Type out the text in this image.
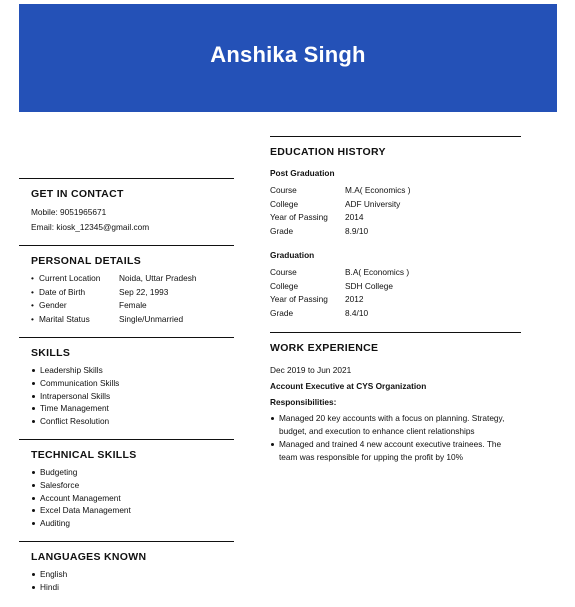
Anshika Singh
GET IN CONTACT
Mobile: 9051965671
Email: kiosk_12345@gmail.com
PERSONAL DETAILS
• Current Location	Noida, Uttar Pradesh
• Date of Birth	Sep 22, 1993
• Gender	Female
• Marital Status	Single/Unmarried
SKILLS
Leadership Skills
Communication Skills
Intrapersonal Skills
Time Management
Conflict Resolution
TECHNICAL SKILLS
Budgeting
Salesforce
Account Management
Excel Data Management
Auditing
LANGUAGES KNOWN
English
Hindi
EDUCATION HISTORY
Post Graduation
Course	M.A( Economics )
College	ADF University
Year of Passing	2014
Grade	8.9/10
Graduation
Course	B.A( Economics )
College	SDH College
Year of Passing	2012
Grade	8.4/10
WORK EXPERIENCE
Dec 2019 to Jun 2021
Account Executive at CYS Organization
Responsibilities:
Managed 20 key accounts with a focus on planning. Strategy, budget, and execution to enhance client relationships
Managed and trained 4 new account executive trainees. The team was responsible for upping the profit by 10%
